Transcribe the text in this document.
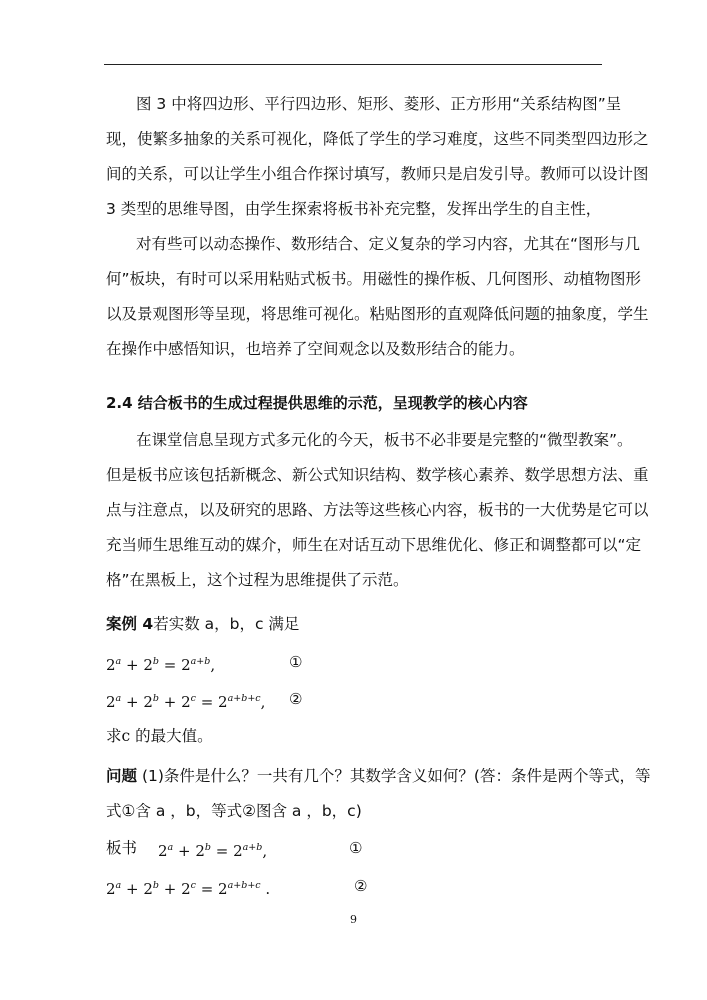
图 3 中将四边形、平行四边形、矩形、菱形、正方形用“关系结构图”呈
现，使繁多抽象的关系可视化，降低了学生的学习难度，这些不同类型四边形之
间的关系，可以让学生小组合作探讨填写，教师只是启发引导。教师可以设计图
3 类型的思维导图，由学生探索将板书补充完整，发挥出学生的自主性，
对有些可以动态操作、数形结合、定义复杂的学习内容，尤其在“图形与几
何”板块，有时可以采用粘贴式板书。用磁性的操作板、几何图形、动植物图形
以及景观图形等呈现，将思维可视化。粘贴图形的直观降低问题的抽象度，学生
在操作中感悟知识，也培养了空间观念以及数形结合的能力。
2.4 结合板书的生成过程提供思维的示范，呈现教学的核心内容
在课堂信息呈现方式多元化的今天，板书不必非要是完整的“微型教案”。
但是板书应该包括新概念、新公式知识结构、数学核心素养、数学思想方法、重
点与注意点，以及研究的思路、方法等这些核心内容，板书的一大优势是它可以
充当师生思维互动的媒介，师生在对话互动下思维优化、修正和调整都可以“定
格”在黑板上，这个过程为思维提供了示范。
案例 4若实数 a，b，c 满足
$2^a + 2^b = 2^{a+b}$,	①
$2^a + 2^b + 2^c = 2^{a+b+c}$,	②
求c 的最大值。
问题 (1)条件是什么？一共有几个？其数学含义如何？(答：条件是两个等式，等
式①含 a ，b，等式②图含 a ，b，c)
板书	$2^a + 2^b = 2^{a+b}$,	①
$2^a + 2^b + 2^c = 2^{a+b+c}$ .	②
9
